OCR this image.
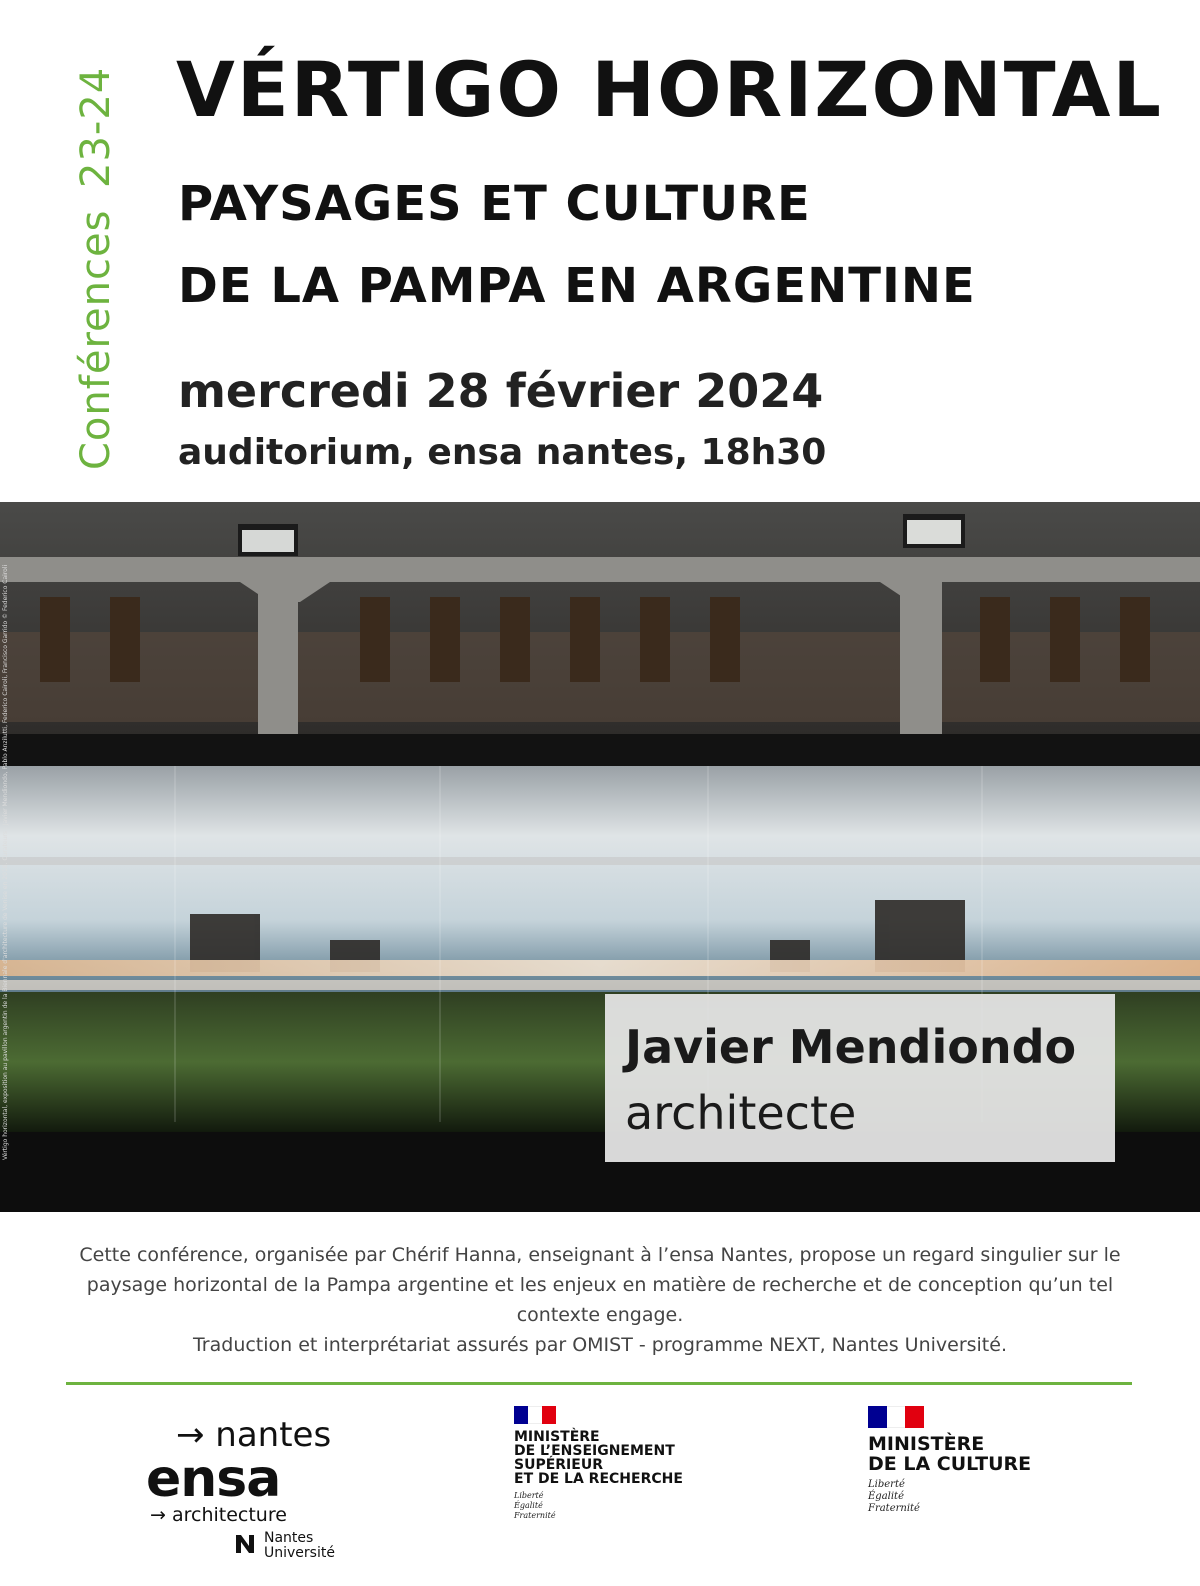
Conférences
23-24 VÉRTIGO HORIZONTAL
PAYSAGES ET CULTURE
DE LA PAMPA EN ARGENTINE
mercredi 28 février 2024
auditorium, ensa nantes, 18h30
Javier Mendiondo
architecte

Cette conférence, organisée par Chérif Hanna, enseignant à l’ensa Nantes, propose un regard singulier sur le paysage horizontal de la Pampa argentine et les enjeux en matière de recherche et de conception qu’un tel contexte engage.

Traduction et interprétariat assurés par OMIST - programme NEXT, Nantes Université.

→ nantes
ensa
→ architecture
Nantes
Université
MINISTÈRE
DE L’ENSEIGNEMENT
SUPÉRIEUR
ET DE LA RECHERCHE
Liberté
Égalité
Fraternité
MINISTÈRE
DE LA CULTURE
Liberté
Égalité
Fraternité
